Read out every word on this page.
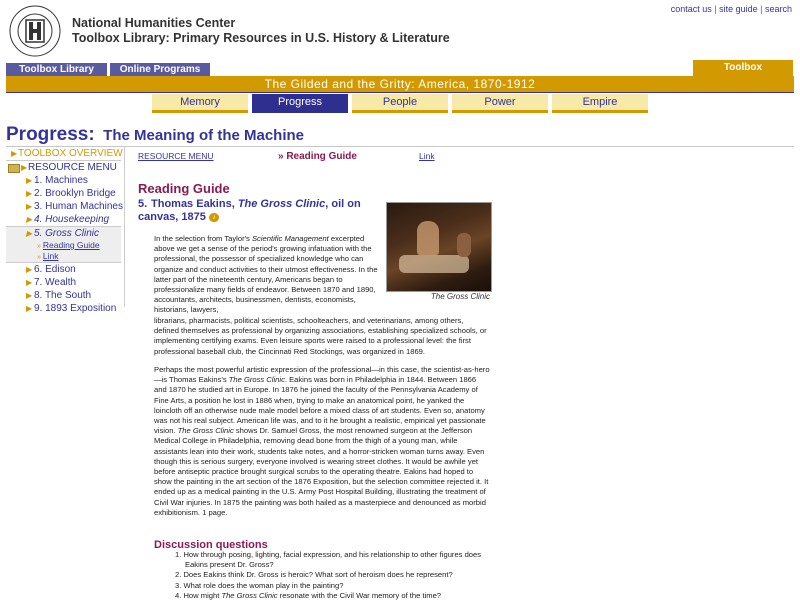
National Humanities Center
Toolbox Library: Primary Resources in U.S. History & Literature
contact us | site guide | search
Toolbox Library	Online Programs	Toolbox
The Gilded and the Gritty: America, 1870-1912
Memory	Progress	People	Power	Empire
Progress: The Meaning of the Machine
▶ TOOLBOX OVERVIEW
▶ RESOURCE MENU
▶ 1. Machines
▶ 2. Brooklyn Bridge
▶ 3. Human Machines
▶ 4. Housekeeping
▶ 5. Gross Clinic
» Reading Guide
» Link
▶ 6. Edison
▶ 7. Wealth
▶ 8. The South
▶ 9. 1893 Exposition
RESOURCE MENU	» Reading Guide	Link
Reading Guide
5. Thomas Eakins, The Gross Clinic, oil on canvas, 1875 ♪
The Gross Clinic
In the selection from Taylor's Scientific Management excerpted above we get a sense of the period's growing infatuation with the professional, the possessor of specialized knowledge who can organize and conduct activities to their utmost effectiveness. In the latter part of the nineteenth century, Americans began to professionalize many fields of endeavor. Between 1870 and 1890, accountants, architects, businessmen, dentists, economists, historians, lawyers,
librarians, pharmacists, political scientists, schoolteachers, and veterinarians, among others, defined themselves as professional by organizing associations, establishing specialized schools, or implementing certifying exams. Even leisure sports were raised to a professional level: the first professional baseball club, the Cincinnati Red Stockings, was organized in 1869.
Perhaps the most powerful artistic expression of the professional—in this case, the scientist-as-hero—is Thomas Eakins's The Gross Clinic. Eakins was born in Philadelphia in 1844. Between 1866 and 1870 he studied art in Europe. In 1876 he joined the faculty of the Pennsylvania Academy of Fine Arts, a position he lost in 1886 when, trying to make an anatomical point, he yanked the loincloth off an otherwise nude male model before a mixed class of art students. Even so, anatomy was not his real subject. American life was, and to it he brought a realistic, empirical yet passionate vision. The Gross Clinic shows Dr. Samuel Gross, the most renowned surgeon at the Jefferson Medical College in Philadelphia, removing dead bone from the thigh of a young man, while assistants lean into their work, students take notes, and a horror-stricken woman turns away. Even though this is serious surgery, everyone involved is wearing street clothes. It would be awhile yet before antiseptic practice brought surgical scrubs to the operating theatre. Eakins had hoped to show the painting in the art section of the 1876 Exposition, but the selection committee rejected it. It ended up as a medical painting in the U.S. Army Post Hospital Building, illustrating the treatment of Civil War injuries. In 1875 the painting was both hailed as a masterpiece and denounced as morbid exhibitionism. 1 page.
Discussion questions
1. How through posing, lighting, facial expression, and his relationship to other figures does Eakins present Dr. Gross?
2. Does Eakins think Dr. Gross is heroic? What sort of heroism does he represent?
3. What role does the woman play in the painting?
4. How might The Gross Clinic resonate with the Civil War memory of the time?
